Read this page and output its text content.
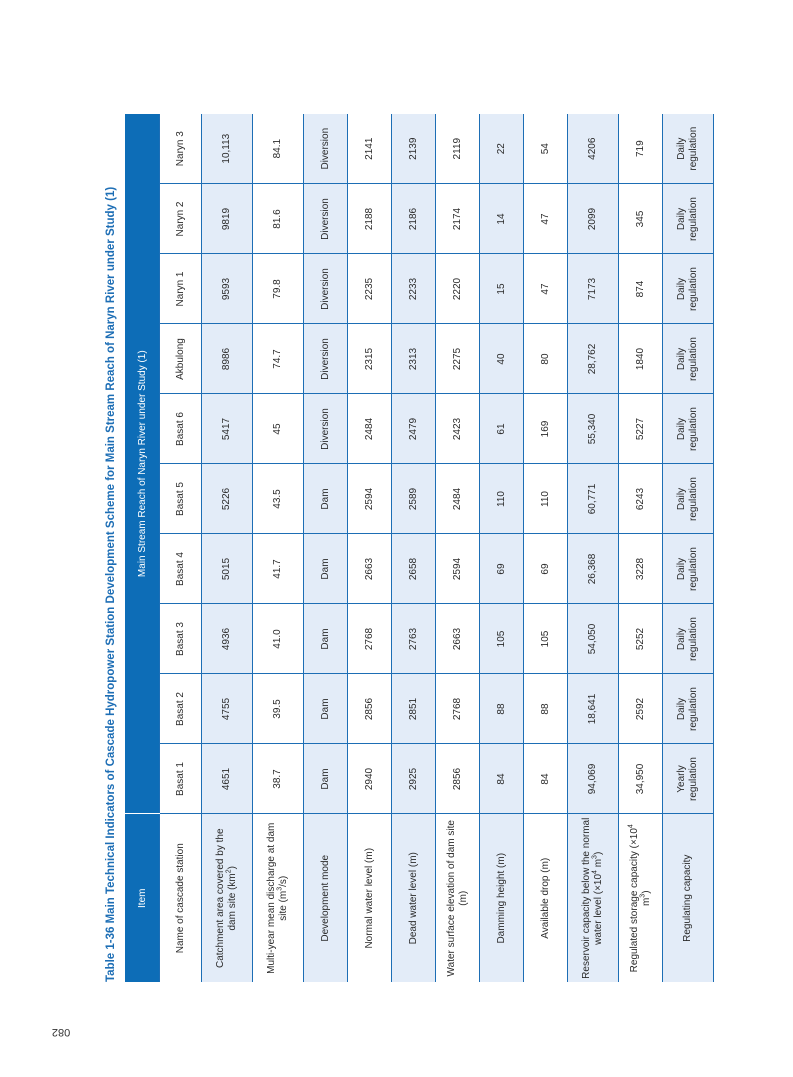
082
Table 1-36 Main Technical Indicators of Cascade Hydropower Station Development Scheme for Main Stream Reach of Naryn River under Study (1)	Item	Main Stream Reach of Naryn River under Study (1)									

Name of cascade station	Basat 1	Basat 2	Basat 3	Basat 4	Basat 5	Basat 6	Akbulong	Naryn 1	Naryn 2	Naryn 3
Catchment area covered by the dam site $(km^2)$	4651	4755	4936	5015	5226	5417	8986	9593	9819	10,113
Multi-year mean discharge at dam site $(m^3/s)$	38.7	39.5	41.0	41.7	43.5	45	74.7	79.8	81.6	84.1
Development mode	Dam	Dam	Dam	Dam	Dam	Diversion	Diversion	Diversion	Diversion	Diversion
Normal water level (m)	2940	2856	2768	2663	2594	2484	2315	2235	2188	2141
Dead water level (m)	2925	2851	2763	2658	2589	2479	2313	2233	2186	2139
Water surface elevation of dam site (m)	2856	2768	2663	2594	2484	2423	2275	2220	2174	2119
Damming height (m)	84	88	105	69	110	61	40	15	14	22
Available drop (m)	84	88	105	69	110	169	80	47	47	54
Reservoir capacity below the normal water level ($\times 10^4$ $m^3$)	94,069	18,641	54,050	26,368	60,771	55,340	28,762	7173	2099	4206
Regulated storage capacity ($\times 10^4$ $m^3$)	34,950	2592	5252	3228	6243	5227	1840	874	345	719
Regulating capacity	Yearly regulation	Daily regulation	Daily regulation	Daily regulation	Daily regulation	Daily regulation	Daily regulation	Daily regulation	Daily regulation	Daily regulation
